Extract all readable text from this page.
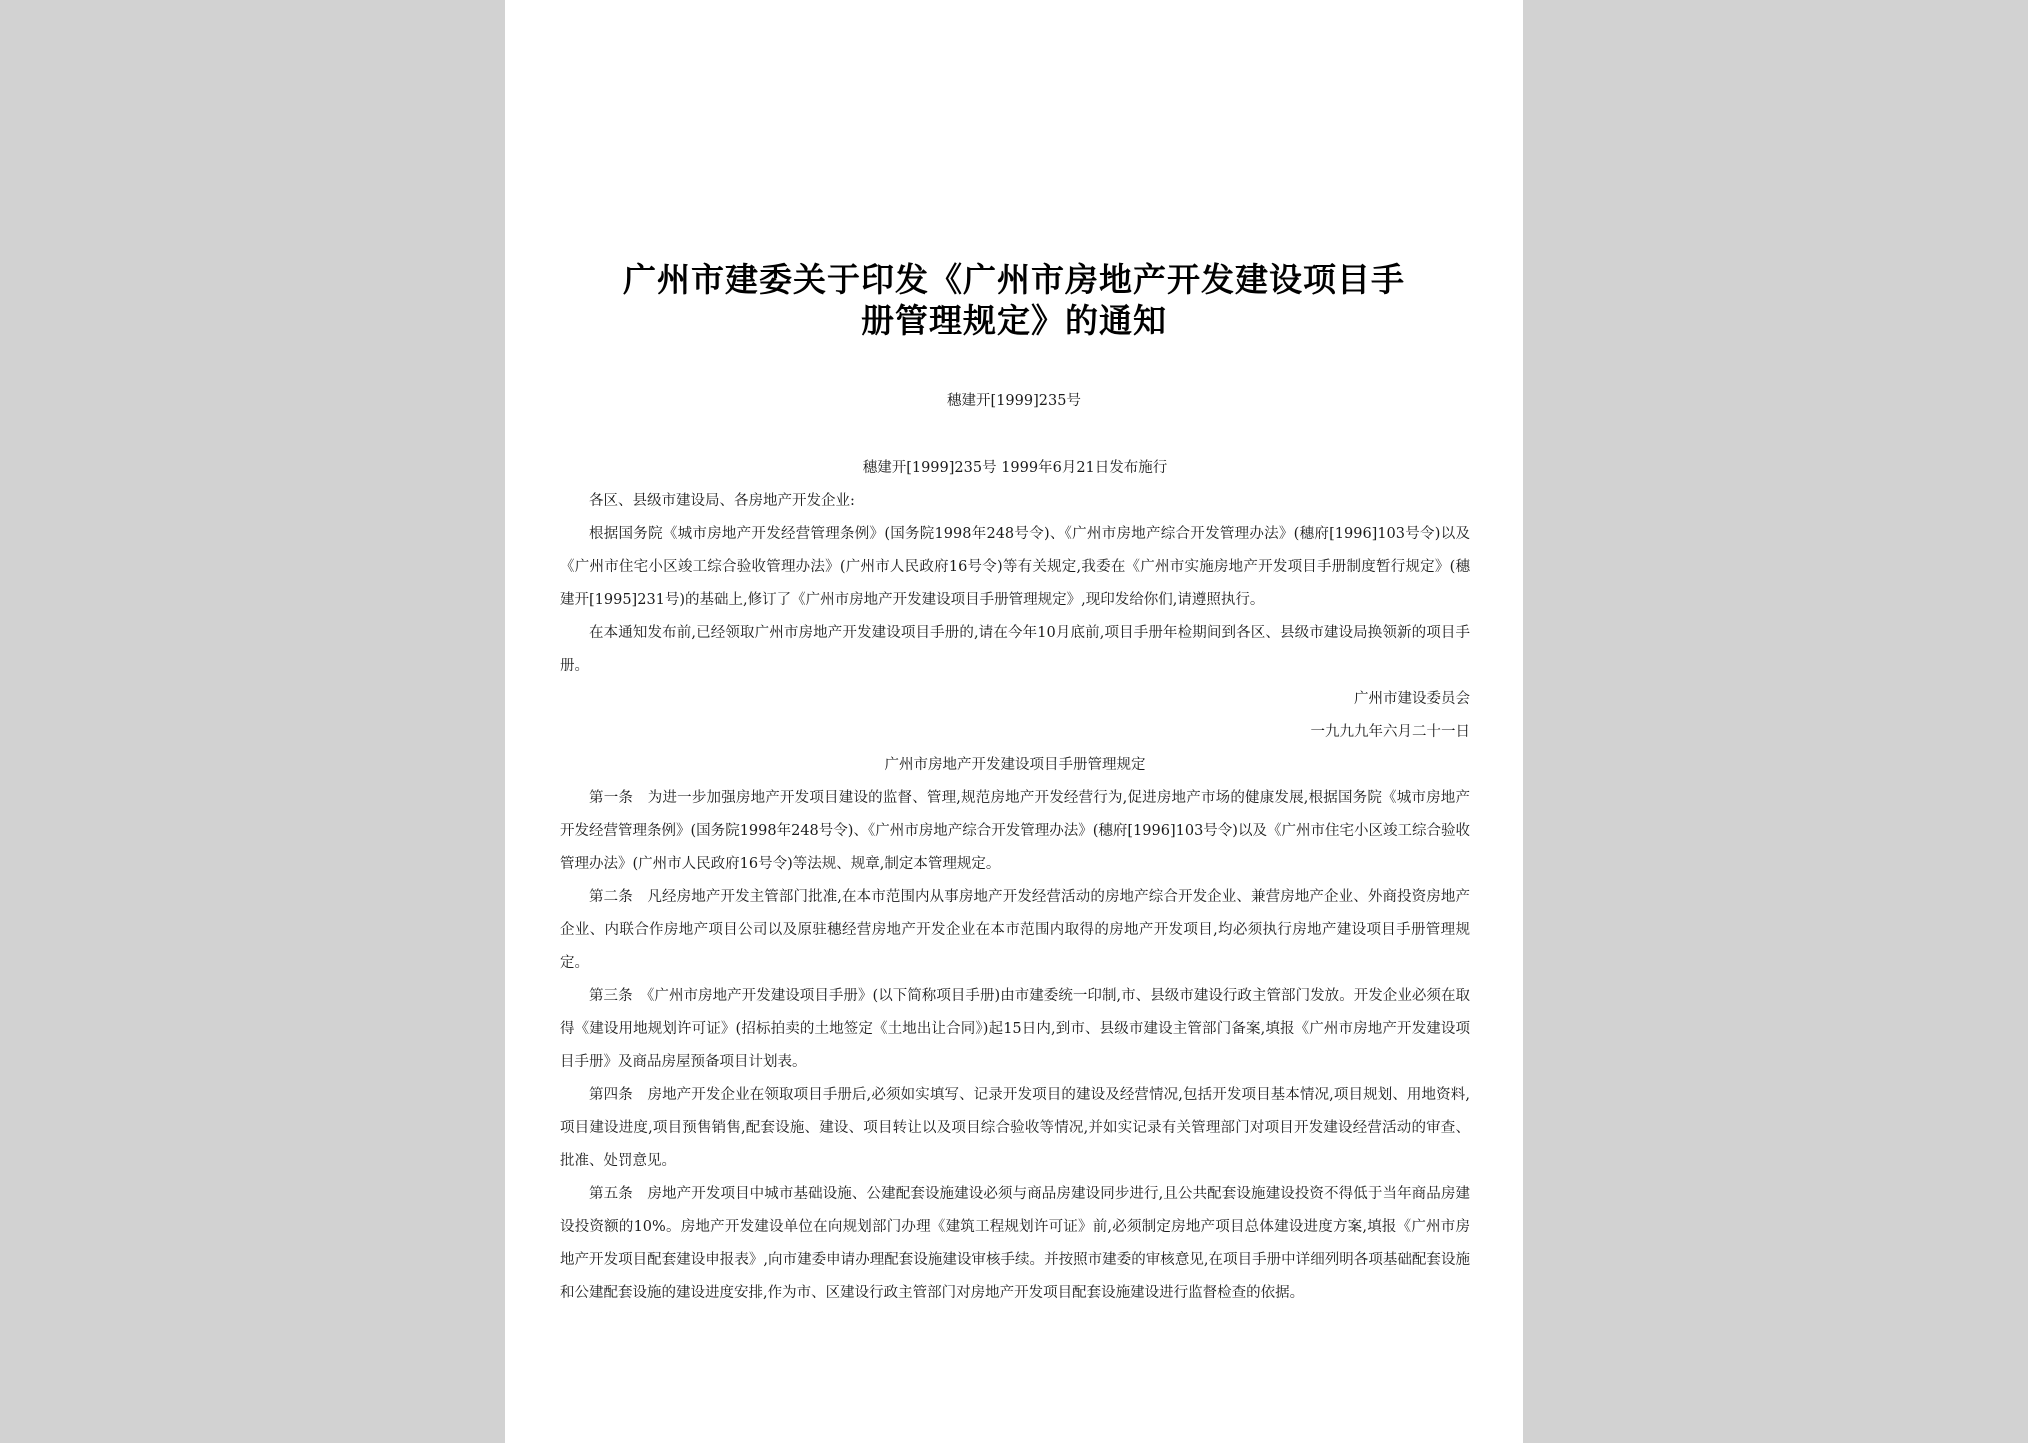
广州市建委关于印发《广州市房地产开发建设项目手
册管理规定》的通知
穗建开[1999]235号

穗建开[1999]235号 1999年6月21日发布施行

各区、县级市建设局、各房地产开发企业:

根据国务院《城市房地产开发经营管理条例》(国务院1998年248号令)、《广州市房地产综合开发管理办法》(穗府[1996]103号令)以及《广州市住宅小区竣工综合验收管理办法》(广州市人民政府16号令)等有关规定,我委在《广州市实施房地产开发项目手册制度暂行规定》(穗建开[1995]231号)的基础上,修订了《广州市房地产开发建设项目手册管理规定》,现印发给你们,请遵照执行。

在本通知发布前,已经领取广州市房地产开发建设项目手册的,请在今年10月底前,项目手册年检期间到各区、县级市建设局换领新的项目手册。

广州市建设委员会

一九九九年六月二十一日

广州市房地产开发建设项目手册管理规定

第一条　为进一步加强房地产开发项目建设的监督、管理,规范房地产开发经营行为,促进房地产市场的健康发展,根据国务院《城市房地产开发经营管理条例》(国务院1998年248号令)、《广州市房地产综合开发管理办法》(穗府[1996]103号令)以及《广州市住宅小区竣工综合验收管理办法》(广州市人民政府16号令)等法规、规章,制定本管理规定。

第二条　凡经房地产开发主管部门批准,在本市范围内从事房地产开发经营活动的房地产综合开发企业、兼营房地产企业、外商投资房地产企业、内联合作房地产项目公司以及原驻穗经营房地产开发企业在本市范围内取得的房地产开发项目,均必须执行房地产建设项目手册管理规定。

第三条　《广州市房地产开发建设项目手册》(以下简称项目手册)由市建委统一印制,市、县级市建设行政主管部门发放。开发企业必须在取得《建设用地规划许可证》(招标拍卖的土地签定《土地出让合同》)起15日内,到市、县级市建设主管部门备案,填报《广州市房地产开发建设项目手册》及商品房屋预备项目计划表。

第四条　房地产开发企业在领取项目手册后,必须如实填写、记录开发项目的建设及经营情况,包括开发项目基本情况,项目规划、用地资料,项目建设进度,项目预售销售,配套设施、建设、项目转让以及项目综合验收等情况,并如实记录有关管理部门对项目开发建设经营活动的审查、批准、处罚意见。

第五条　房地产开发项目中城市基础设施、公建配套设施建设必须与商品房建设同步进行,且公共配套设施建设投资不得低于当年商品房建设投资额的10%。房地产开发建设单位在向规划部门办理《建筑工程规划许可证》前,必须制定房地产项目总体建设进度方案,填报《广州市房地产开发项目配套建设申报表》,向市建委申请办理配套设施建设审核手续。并按照市建委的审核意见,在项目手册中详细列明各项基础配套设施和公建配套设施的建设进度安排,作为市、区建设行政主管部门对房地产开发项目配套设施建设进行监督检查的依据。
